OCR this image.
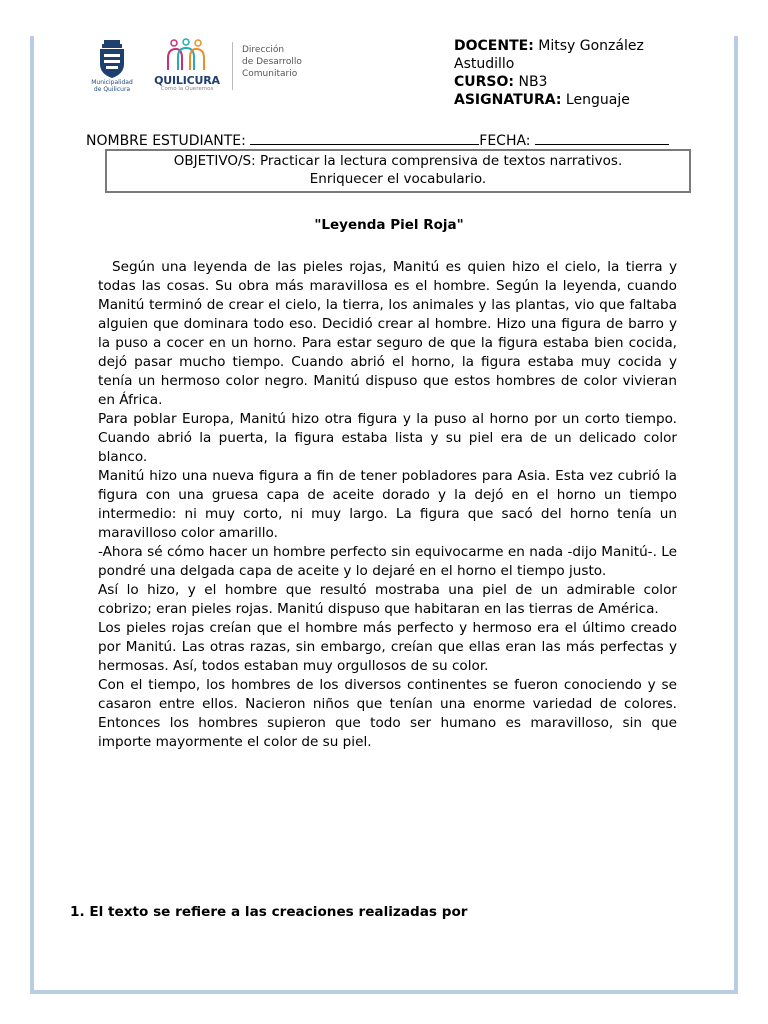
Municipalidad
de Quilicura
QUILICURA
Como la Queremos
Dirección
de Desarrollo
Comunitario
DOCENTE: Mitsy González Astudillo
CURSO: NB3
ASIGNATURA: Lenguaje
NOMBRE ESTUDIANTE:	FECHA:
OBJETIVO/S: Practicar la lectura comprensiva de textos narrativos.
Enriquecer el vocabulario.
"Leyenda Piel Roja"

Según una leyenda de las pieles rojas, Manitú es quien hizo el cielo, la tierra y todas las cosas. Su obra más maravillosa es el hombre. Según la leyenda, cuando Manitú terminó de crear el cielo, la tierra, los animales y las plantas, vio que faltaba alguien que dominara todo eso. Decidió crear al hombre. Hizo una figura de barro y la puso a cocer en un horno. Para estar seguro de que la figura estaba bien cocida, dejó pasar mucho tiempo. Cuando abrió el horno, la figura estaba muy cocida y tenía un hermoso color negro. Manitú dispuso que estos hombres de color vivieran en África.

Para poblar Europa, Manitú hizo otra figura y la puso al horno por un corto tiempo. Cuando abrió la puerta, la figura estaba lista y su piel era de un delicado color blanco.

Manitú hizo una nueva figura a fin de tener pobladores para Asia. Esta vez cubrió la figura con una gruesa capa de aceite dorado y la dejó en el horno un tiempo intermedio: ni muy corto, ni muy largo. La figura que sacó del horno tenía un maravilloso color amarillo.

-Ahora sé cómo hacer un hombre perfecto sin equivocarme en nada -dijo Manitú-. Le pondré una delgada capa de aceite y lo dejaré en el horno el tiempo justo.

Así lo hizo, y el hombre que resultó mostraba una piel de un admirable color cobrizo; eran pieles rojas. Manitú dispuso que habitaran en las tierras de América.

Los pieles rojas creían que el hombre más perfecto y hermoso era el último creado por Manitú. Las otras razas, sin embargo, creían que ellas eran las más perfectas y hermosas. Así, todos estaban muy orgullosos de su color.

Con el tiempo, los hombres de los diversos continentes se fueron conociendo y se casaron entre ellos. Nacieron niños que tenían una enorme variedad de colores. Entonces los hombres supieron que todo ser humano es maravilloso, sin que importe mayormente el color de su piel.

1. El texto se refiere a las creaciones realizadas por
